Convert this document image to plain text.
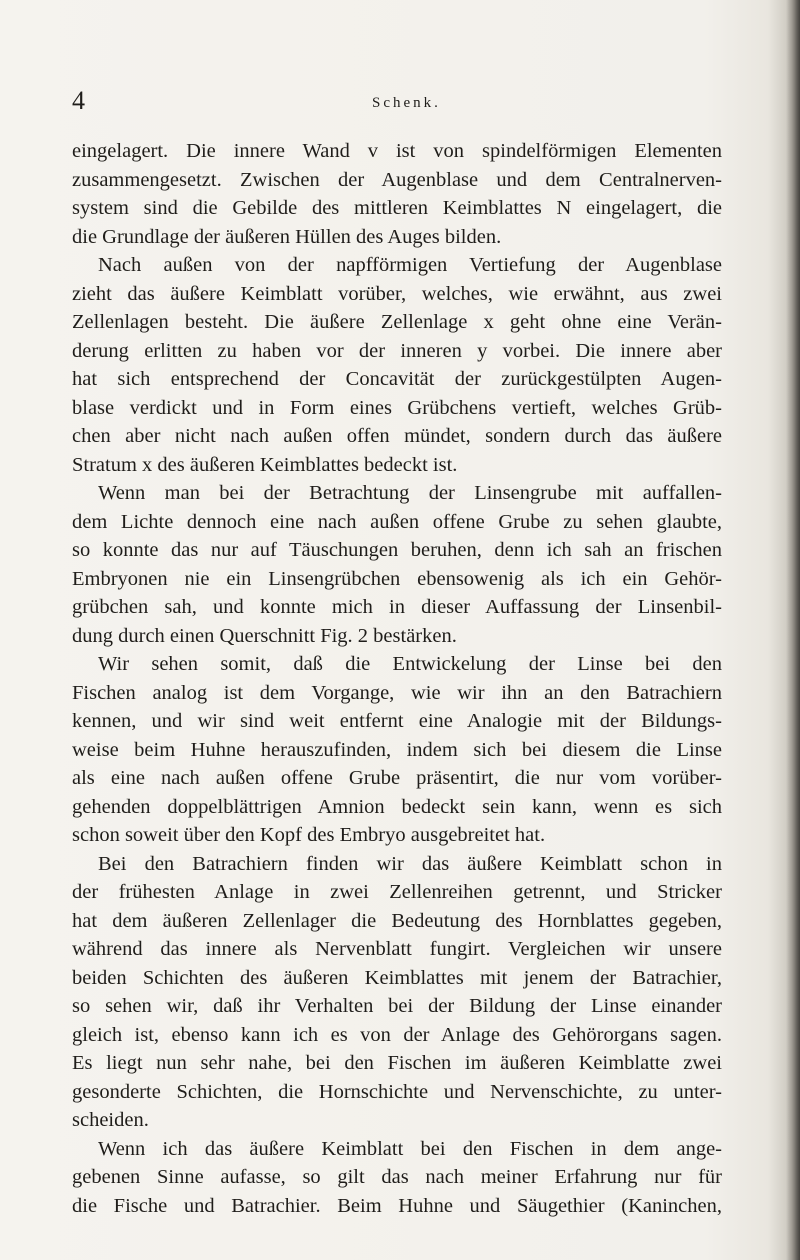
4	Schenk.
eingelagert. Die innere Wand v ist von spindelförmigen Elementen
zusammengesetzt. Zwischen der Augenblase und dem Centralnerven-
system sind die Gebilde des mittleren Keimblattes N eingelagert, die
die Grundlage der äußeren Hüllen des Auges bilden.
Nach außen von der napfförmigen Vertiefung der Augenblase
zieht das äußere Keimblatt vorüber, welches, wie erwähnt, aus zwei
Zellenlagen besteht. Die äußere Zellenlage x geht ohne eine Verän-
derung erlitten zu haben vor der inneren y vorbei. Die innere aber
hat sich entsprechend der Concavität der zurückgestülpten Augen-
blase verdickt und in Form eines Grübchens vertieft, welches Grüb-
chen aber nicht nach außen offen mündet, sondern durch das äußere
Stratum x des äußeren Keimblattes bedeckt ist.
Wenn man bei der Betrachtung der Linsengrube mit auffallen-
dem Lichte dennoch eine nach außen offene Grube zu sehen glaubte,
so konnte das nur auf Täuschungen beruhen, denn ich sah an frischen
Embryonen nie ein Linsengrübchen ebensowenig als ich ein Gehör-
grübchen sah, und konnte mich in dieser Auffassung der Linsenbil-
dung durch einen Querschnitt Fig. 2 bestärken.
Wir sehen somit, daß die Entwickelung der Linse bei den
Fischen analog ist dem Vorgange, wie wir ihn an den Batrachiern
kennen, und wir sind weit entfernt eine Analogie mit der Bildungs-
weise beim Huhne herauszufinden, indem sich bei diesem die Linse
als eine nach außen offene Grube präsentirt, die nur vom vorüber-
gehenden doppelblättrigen Amnion bedeckt sein kann, wenn es sich
schon soweit über den Kopf des Embryo ausgebreitet hat.
Bei den Batrachiern finden wir das äußere Keimblatt schon in
der frühesten Anlage in zwei Zellenreihen getrennt, und Stricker
hat dem äußeren Zellenlager die Bedeutung des Hornblattes gegeben,
während das innere als Nervenblatt fungirt. Vergleichen wir unsere
beiden Schichten des äußeren Keimblattes mit jenem der Batrachier,
so sehen wir, daß ihr Verhalten bei der Bildung der Linse einander
gleich ist, ebenso kann ich es von der Anlage des Gehörorgans sagen.
Es liegt nun sehr nahe, bei den Fischen im äußeren Keimblatte zwei
gesonderte Schichten, die Hornschichte und Nervenschichte, zu unter-
scheiden.
Wenn ich das äußere Keimblatt bei den Fischen in dem ange-
gebenen Sinne aufasse, so gilt das nach meiner Erfahrung nur für
die Fische und Batrachier. Beim Huhne und Säugethier (Kaninchen,
